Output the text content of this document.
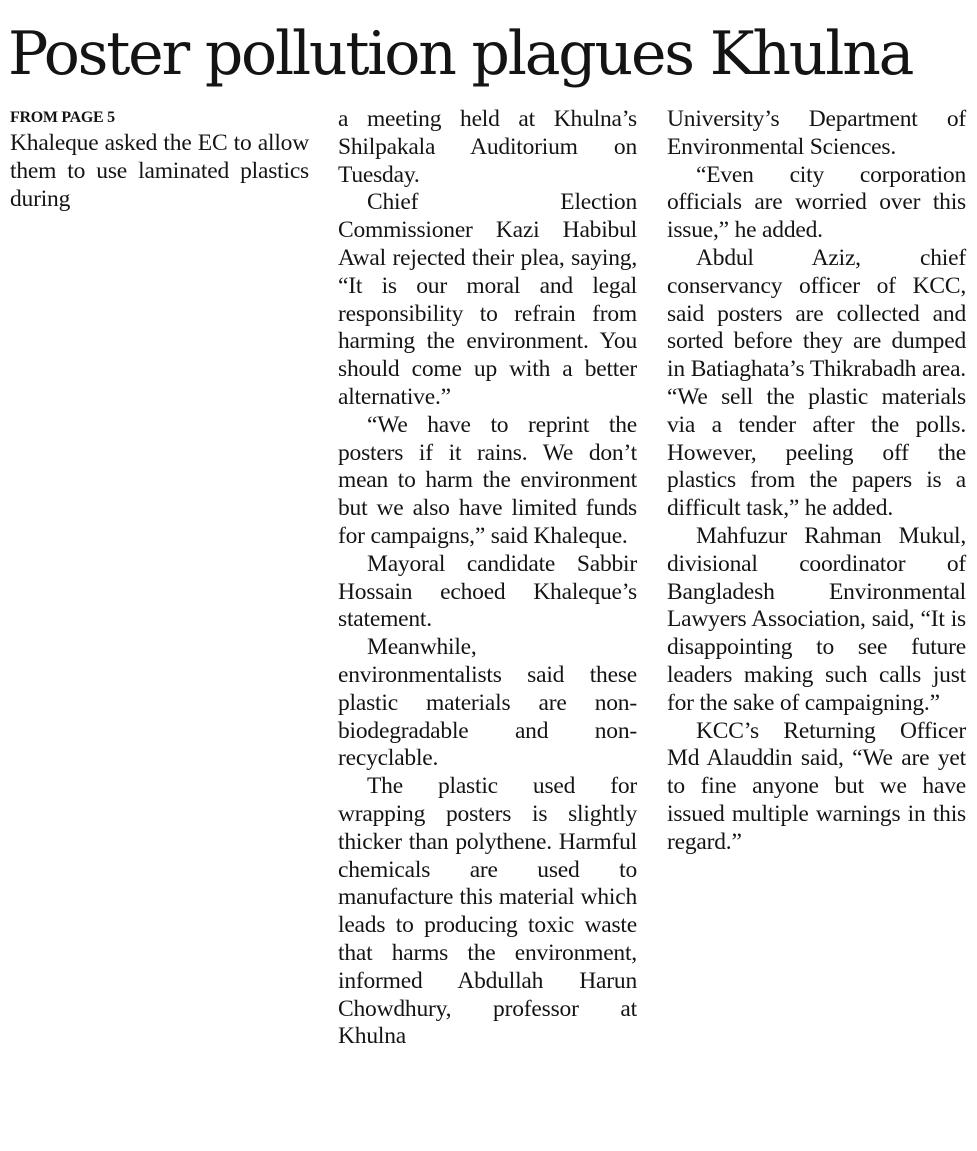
Poster pollution plagues Khulna
FROM PAGE 5

Khaleque asked the EC to allow them to use laminated plastics during

a meeting held at Khulna’s Shilpakala Auditorium on Tuesday.

Chief Election Commissioner Kazi Habibul Awal rejected their plea, saying, “It is our moral and legal responsibility to refrain from harming the environment. You should come up with a better alternative.”

“We have to reprint the posters if it rains. We don’t mean to harm the environment but we also have limited funds for campaigns,” said Khaleque.

Mayoral candidate Sabbir Hossain echoed Khaleque’s statement.

Meanwhile, environmentalists said these plastic materials are non-biodegradable and non-recyclable.

The plastic used for wrapping posters is slightly thicker than polythene. Harmful chemicals are used to manufacture this material which leads to producing toxic waste that harms the environment, informed Abdullah Harun Chowdhury, professor at Khulna

University’s Department of Environmental Sciences.

“Even city corporation officials are worried over this issue,” he added.

Abdul Aziz, chief conservancy officer of KCC, said posters are collected and sorted before they are dumped in Batiaghata’s Thikrabadh area. “We sell the plastic materials via a tender after the polls. However, peeling off the plastics from the papers is a difficult task,” he added.

Mahfuzur Rahman Mukul, divisional coordinator of Bangladesh Environmental Lawyers Association, said, “It is disappointing to see future leaders making such calls just for the sake of campaigning.”

KCC’s Returning Officer Md Alauddin said, “We are yet to fine anyone but we have issued multiple warnings in this regard.”
